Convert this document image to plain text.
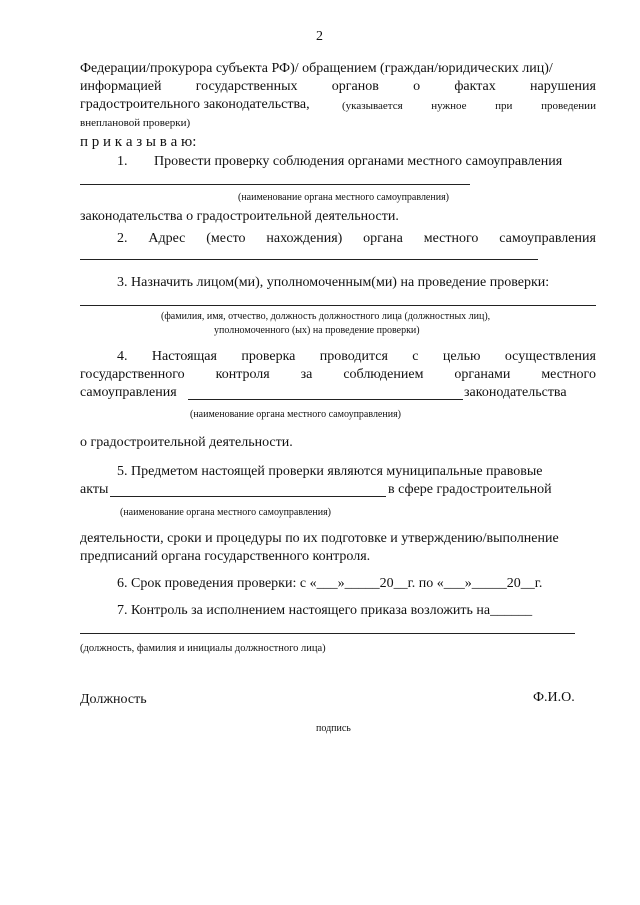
2
Федерации/прокурора субъекта РФ)/ обращением (граждан/юридических лиц)/
информацией государственных органов о фактах нарушения
градостроительного законодательства,	(указывается	нужное	при	проведении
внеплановой проверки)
п р и к а з ы в а ю:
1. Провести проверку соблюдения органами местного самоуправления
(наименование органа местного самоуправления)
законодательства о градостроительной деятельности.
2. Адрес (место нахождения) органа местного самоуправления
3. Назначить лицом(ми), уполномоченным(ми) на проведение проверки:
(фамилия, имя, отчество, должность должностного лица (должностных лиц),
уполномоченного (ых) на проведение проверки)
4. Настоящая проверка проводится с целью осуществления
государственного контроля за соблюдением органами местного
самоуправления	законодательства
(наименование органа местного самоуправления)
о градостроительной деятельности.
5. Предметом настоящей проверки являются муниципальные правовые
акты	в сфере градостроительной
(наименование органа местного самоуправления)
деятельности, сроки и процедуры по их подготовке и утверждению/выполнение
предписаний органа государственного контроля.
6. Срок проведения проверки: с «___»_____20__г. по «___»_____20__г.
7. Контроль за исполнением настоящего приказа возложить на______
(должность, фамилия и инициалы должностного лица)
Должность	Ф.И.О.
подпись
